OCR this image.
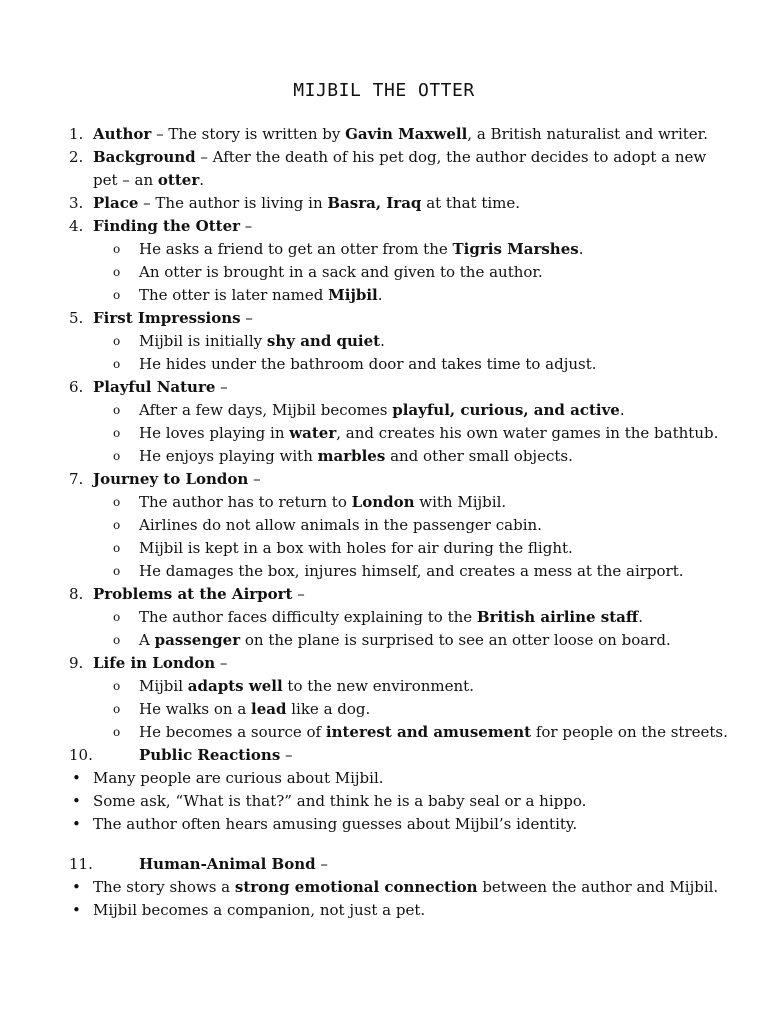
MIJBIL THE OTTER
1. Author – The story is written by Gavin Maxwell, a British naturalist and writer.
2. Background – After the death of his pet dog, the author decides to adopt a new pet – an otter.
3. Place – The author is living in Basra, Iraq at that time.
4. Finding the Otter –
o He asks a friend to get an otter from the Tigris Marshes.
o An otter is brought in a sack and given to the author.
o The otter is later named Mijbil.
5. First Impressions –
o Mijbil is initially shy and quiet.
o He hides under the bathroom door and takes time to adjust.
6. Playful Nature –
o After a few days, Mijbil becomes playful, curious, and active.
o He loves playing in water, and creates his own water games in the bathtub.
o He enjoys playing with marbles and other small objects.
7. Journey to London –
o The author has to return to London with Mijbil.
o Airlines do not allow animals in the passenger cabin.
o Mijbil is kept in a box with holes for air during the flight.
o He damages the box, injures himself, and creates a mess at the airport.
8. Problems at the Airport –
o The author faces difficulty explaining to the British airline staff.
o A passenger on the plane is surprised to see an otter loose on board.
9. Life in London –
o Mijbil adapts well to the new environment.
o He walks on a lead like a dog.
o He becomes a source of interest and amusement for people on the streets.
10.	Public Reactions –
• Many people are curious about Mijbil.
• Some ask, “What is that?” and think he is a baby seal or a hippo.
• The author often hears amusing guesses about Mijbil’s identity.
11.	Human-Animal Bond –
• The story shows a strong emotional connection between the author and Mijbil.
• Mijbil becomes a companion, not just a pet.
